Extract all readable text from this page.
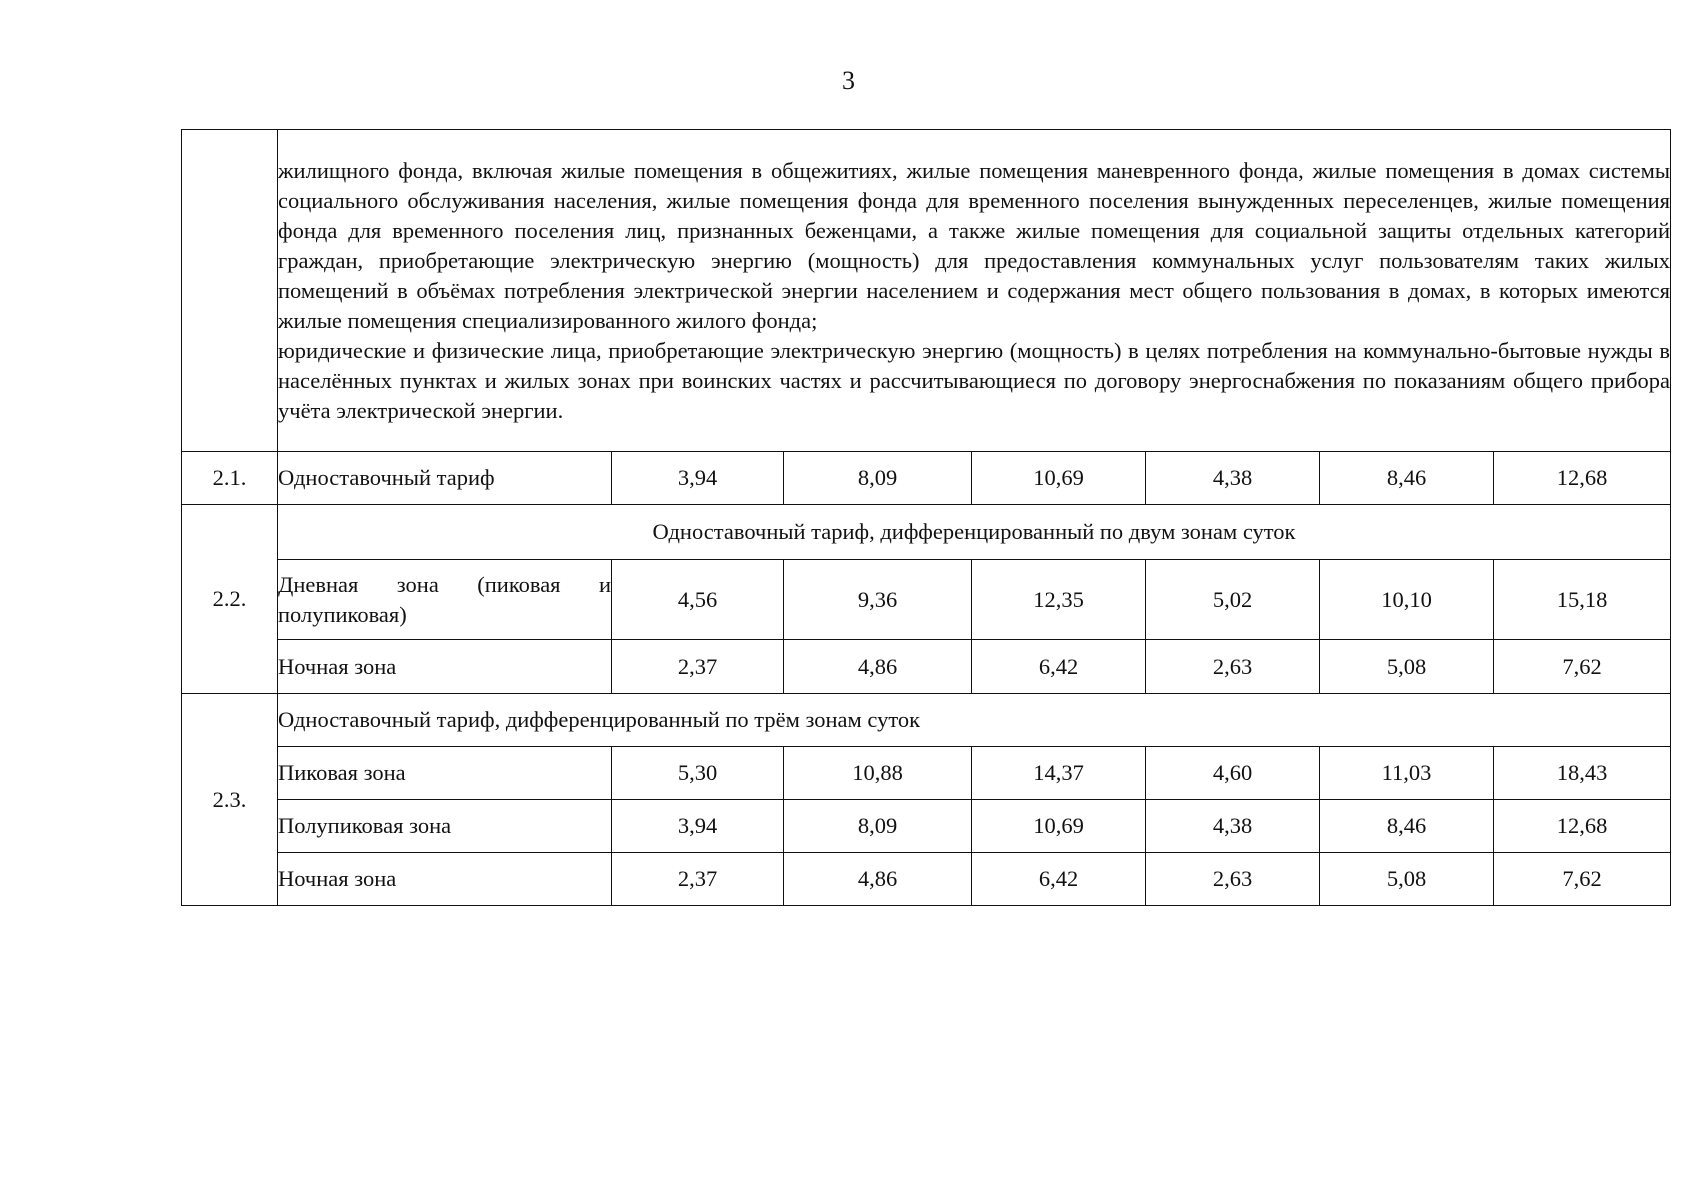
3

	жилищного фонда, включая жилые помещения в общежитиях, жилые помещения маневренного фонда, жилые помещения в домах системы социального обслуживания населения, жилые помещения фонда для временного поселения вынужденных переселенцев, жилые помещения фонда для временного поселения лиц, признанных беженцами, а также жилые помещения для социальной защиты отдельных категорий граждан, приобретающие электрическую энергию (мощность) для предоставления коммунальных услуг пользователям таких жилых помещений в объёмах потребления электрической энергии населением и содержания мест общего пользования в домах, в которых имеются жилые помещения специализированного жилого фонда;

юридические и физические лица, приобретающие электрическую энергию (мощность) в целях потребления на коммунально-бытовые нужды в населённых пунктах и жилых зонах при воинских частях и рассчитывающиеся по договору энергоснабжения по показаниям общего прибора учёта электрической энергии.						

2.1.	Одноставочный тариф	3,94	8,09	10,69	4,38	8,46	12,68
2.2.	Одноставочный тариф, дифференцированный по двум зонам суток						
	Дневная зона (пиковая и полупиковая)	4,56	9,36	12,35	5,02	10,10	15,18
	Ночная зона	2,37	4,86	6,42	2,63	5,08	7,62
2.3.	Одноставочный тариф, дифференцированный по трём зонам суток						
	Пиковая зона	5,30	10,88	14,37	4,60	11,03	18,43
	Полупиковая зона	3,94	8,09	10,69	4,38	8,46	12,68
	Ночная зона	2,37	4,86	6,42	2,63	5,08	7,62
